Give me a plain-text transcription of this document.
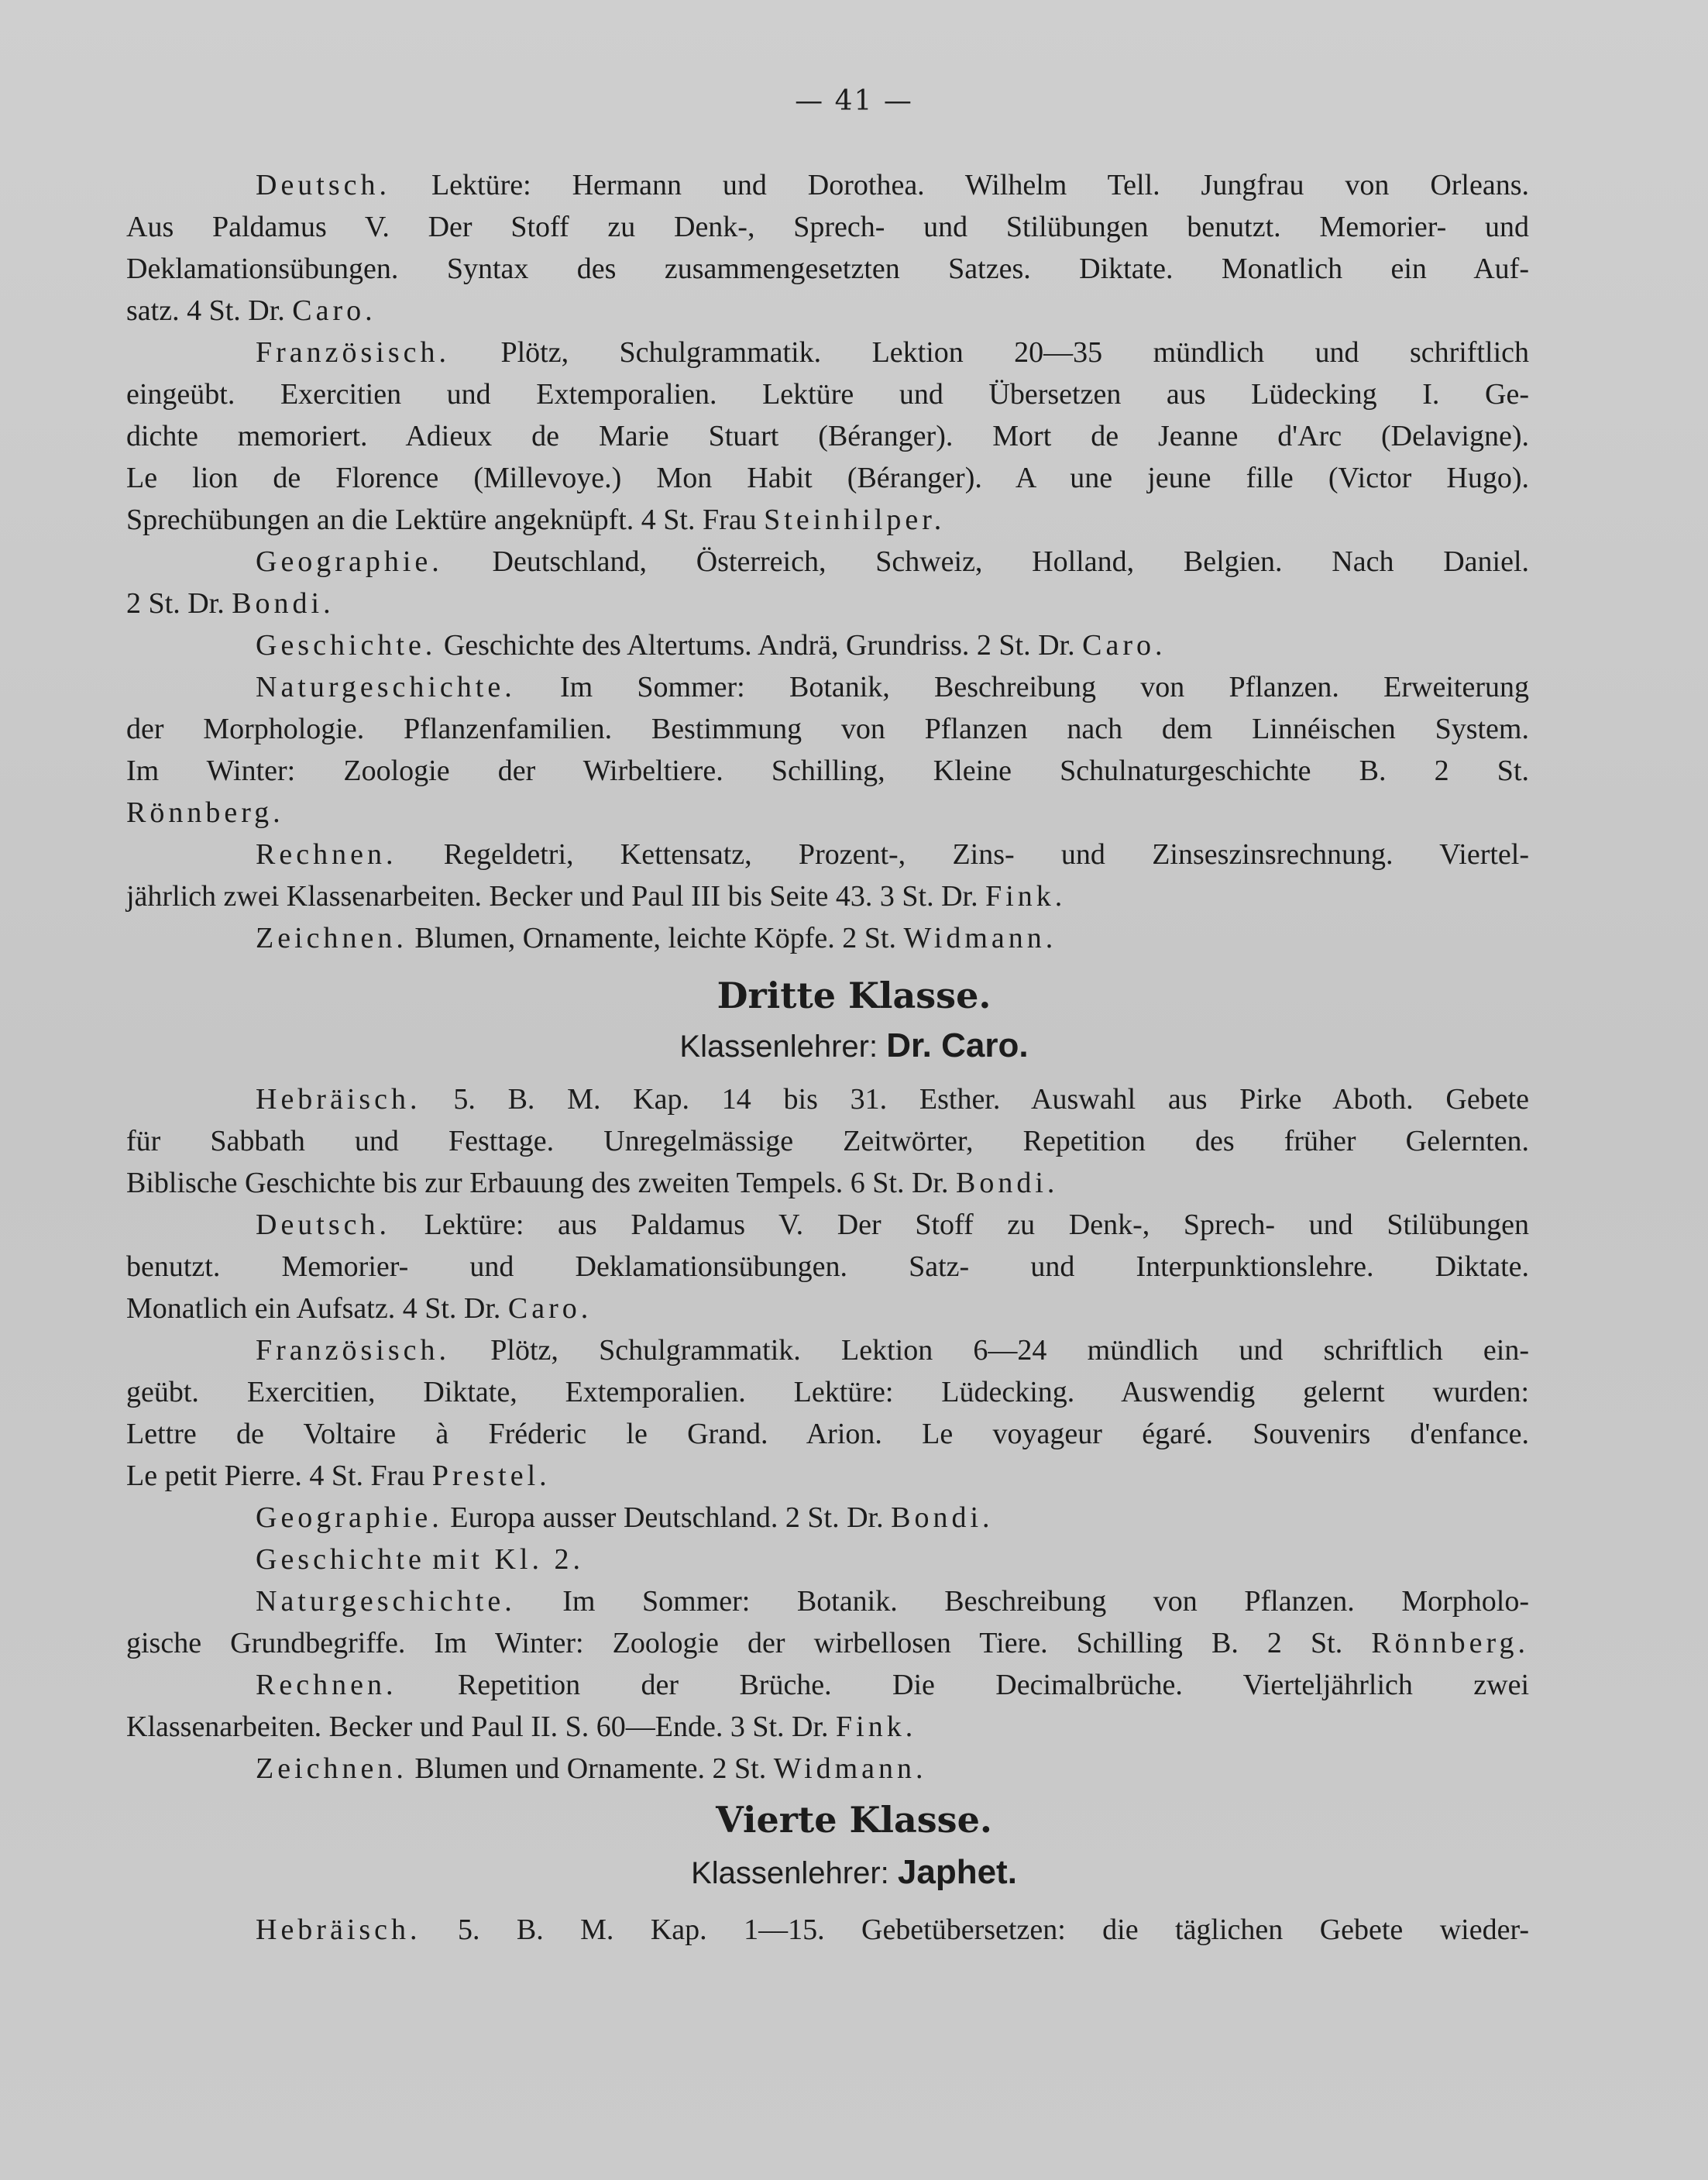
— 41 —
Deutsch. Lektüre: Hermann und Dorothea. Wilhelm Tell. Jungfrau von Orleans.
Aus Paldamus V. Der Stoff zu Denk-, Sprech- und Stilübungen benutzt. Memorier- und
Deklamationsübungen. Syntax des zusammengesetzten Satzes. Diktate. Monatlich ein Auf-
satz. 4 St. Dr. Caro.
Französisch. Plötz, Schulgrammatik. Lektion 20—35 mündlich und schriftlich
eingeübt. Exercitien und Extemporalien. Lektüre und Übersetzen aus Lüdecking I. Ge-
dichte memoriert. Adieux de Marie Stuart (Béranger). Mort de Jeanne d'Arc (Delavigne).
Le lion de Florence (Millevoye.) Mon Habit (Béranger). A une jeune fille (Victor Hugo).
Sprechübungen an die Lektüre angeknüpft. 4 St. Frau Steinhilper.
Geographie. Deutschland, Österreich, Schweiz, Holland, Belgien. Nach Daniel.
2 St. Dr. Bondi.
Geschichte. Geschichte des Altertums. Andrä, Grundriss. 2 St. Dr. Caro.
Naturgeschichte. Im Sommer: Botanik, Beschreibung von Pflanzen. Erweiterung
der Morphologie. Pflanzenfamilien. Bestimmung von Pflanzen nach dem Linnéischen System.
Im Winter: Zoologie der Wirbeltiere. Schilling, Kleine Schulnaturgeschichte B. 2 St.
Rönnberg.
Rechnen. Regeldetri, Kettensatz, Prozent-, Zins- und Zinseszinsrechnung. Viertel-
jährlich zwei Klassenarbeiten. Becker und Paul III bis Seite 43. 3 St. Dr. Fink.
Zeichnen. Blumen, Ornamente, leichte Köpfe. 2 St. Widmann.
Dritte Klasse.
Klassenlehrer: Dr. Caro.
Hebräisch. 5. B. M. Kap. 14 bis 31. Esther. Auswahl aus Pirke Aboth. Gebete
für Sabbath und Festtage. Unregelmässige Zeitwörter, Repetition des früher Gelernten.
Biblische Geschichte bis zur Erbauung des zweiten Tempels. 6 St. Dr. Bondi.
Deutsch. Lektüre: aus Paldamus V. Der Stoff zu Denk-, Sprech- und Stilübungen
benutzt. Memorier- und Deklamationsübungen. Satz- und Interpunktionslehre. Diktate.
Monatlich ein Aufsatz. 4 St. Dr. Caro.
Französisch. Plötz, Schulgrammatik. Lektion 6—24 mündlich und schriftlich ein-
geübt. Exercitien, Diktate, Extemporalien. Lektüre: Lüdecking. Auswendig gelernt wurden:
Lettre de Voltaire à Fréderic le Grand. Arion. Le voyageur égaré. Souvenirs d'enfance.
Le petit Pierre. 4 St. Frau Prestel.
Geographie. Europa ausser Deutschland. 2 St. Dr. Bondi.
Geschichte mit Kl. 2.
Naturgeschichte. Im Sommer: Botanik. Beschreibung von Pflanzen. Morpholo-
gische Grundbegriffe. Im Winter: Zoologie der wirbellosen Tiere. Schilling B. 2 St. Rönnberg.
Rechnen. Repetition der Brüche. Die Decimalbrüche. Vierteljährlich zwei
Klassenarbeiten. Becker und Paul II. S. 60—Ende. 3 St. Dr. Fink.
Zeichnen. Blumen und Ornamente. 2 St. Widmann.
Vierte Klasse.
Klassenlehrer: Japhet.
Hebräisch. 5. B. M. Kap. 1—15. Gebetübersetzen: die täglichen Gebete wieder-
